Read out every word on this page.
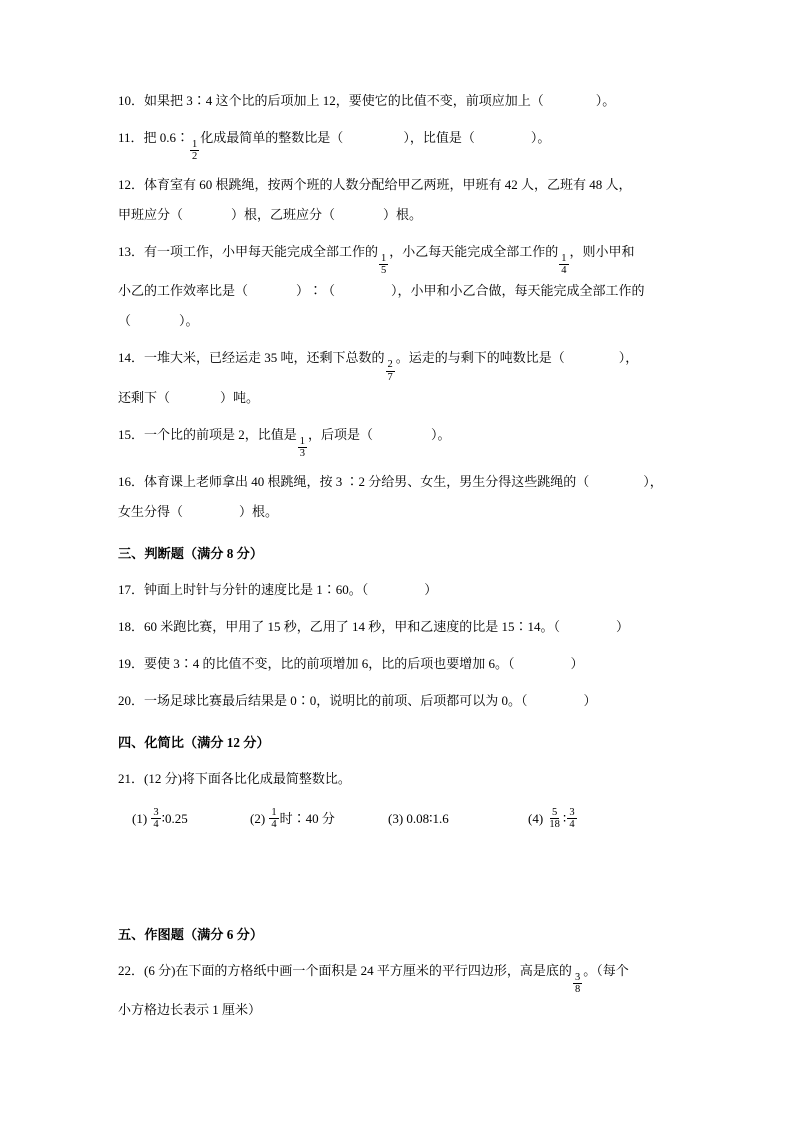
10．如果把 3∶4 这个比的后项加上 12，要使它的比值不变，前项应加上（	）。
11．把 0.6∶
$\frac{1}{2}$
化成最简单的整数比是（	），比值是（	）。
12．体育室有 60 根跳绳，按两个班的人数分配给甲乙两班，甲班有 42 人，乙班有 48 人，
甲班应分（	）根，乙班应分（	）根。
13．有一项工作，小甲每天能完成全部工作的
$\frac{1}{5}$
，小乙每天能完成全部工作的
$\frac{1}{4}$
，则小甲和
小乙的工作效率比是（	）∶（	），小甲和小乙合做，每天能完成全部工作的
（	）。
14．一堆大米，已经运走 35 吨，还剩下总数的
$\frac{2}{7}$
。运走的与剩下的吨数比是（	），
还剩下（	）吨。
15．一个比的前项是 2，比值是
$\frac{1}{3}$
，后项是（	）。
16．体育课上老师拿出 40 根跳绳，按 3 ∶2 分给男、女生，男生分得这些跳绳的（	），
女生分得（	）根。
三、判断题（满分 8 分）
17．钟面上时针与分针的速度比是 1∶60。（	）
18．60 米跑比赛，甲用了 15 秒，乙用了 14 秒，甲和乙速度的比是 15∶14。（	）
19．要使 3∶4 的比值不变，比的前项增加 6，比的后项也要增加 6。（	）
20．一场足球比赛最后结果是 0∶0，说明比的前项、后项都可以为 0。（	）
四、化简比（满分 12 分）
21．(12 分)将下面各比化成最简整数比。
$(1) \frac{3}{4}$ ∶0.25	$(2) \frac{1}{4}$ 时∶40 分	(3) 0.08∶1.6	$(4) \frac{5}{18}$ ∶ $\frac{3}{4}$
五、作图题（满分 6 分）
22．(6 分)在下面的方格纸中画一个面积是 24 平方厘米的平行四边形，高是底的
$\frac{3}{8}$
。（每个
小方格边长表示 1 厘米）
